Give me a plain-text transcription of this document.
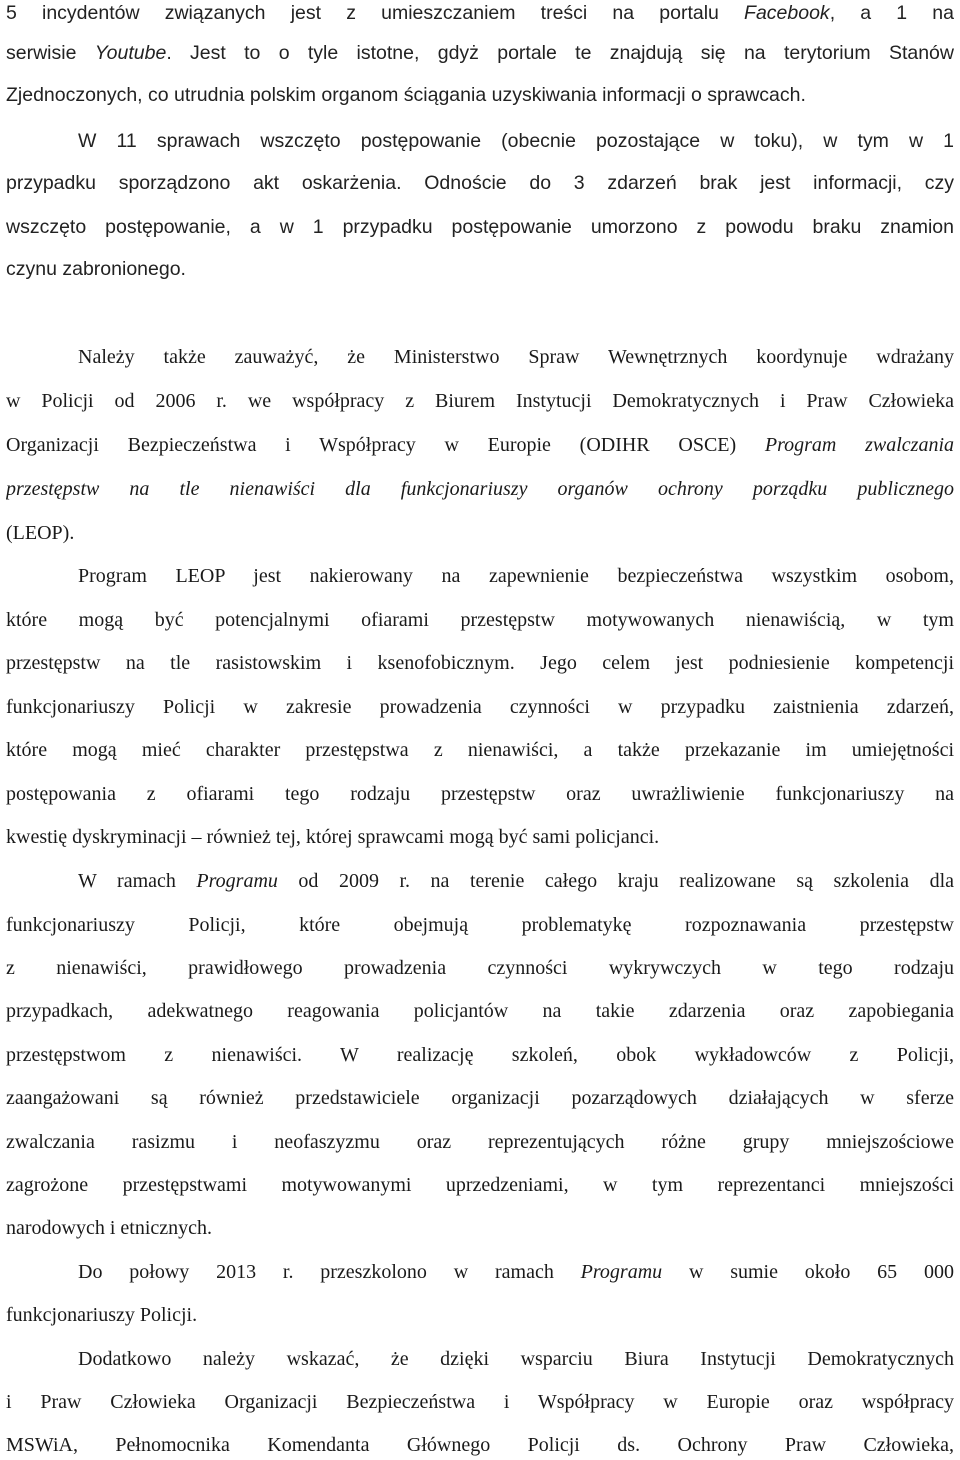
5 incydentów związanych jest z umieszczaniem treści na portalu Facebook, a 1 na
serwisie Youtube. Jest to o tyle istotne, gdyż portale te znajdują się na terytorium Stanów
Zjednoczonych, co utrudnia polskim organom ściągania uzyskiwania informacji o sprawcach.
W 11 sprawach wszczęto postępowanie (obecnie pozostające w toku), w tym w 1
przypadku sporządzono akt oskarżenia. Odnoście do 3 zdarzeń brak jest informacji, czy
wszczęto postępowanie, a w 1 przypadku postępowanie umorzono z powodu braku znamion
czynu zabronionego.
Należy także zauważyć, że Ministerstwo Spraw Wewnętrznych koordynuje wdrażany
w Policji od 2006 r. we współpracy z Biurem Instytucji Demokratycznych i Praw Człowieka
Organizacji Bezpieczeństwa i Współpracy w Europie (ODIHR OSCE) Program zwalczania
przestępstw na tle nienawiści dla funkcjonariuszy organów ochrony porządku publicznego
(LEOP).
Program LEOP jest nakierowany na zapewnienie bezpieczeństwa wszystkim osobom,
które mogą być potencjalnymi ofiarami przestępstw motywowanych nienawiścią, w tym
przestępstw na tle rasistowskim i ksenofobicznym. Jego celem jest podniesienie kompetencji
funkcjonariuszy Policji w zakresie prowadzenia czynności w przypadku zaistnienia zdarzeń,
które mogą mieć charakter przestępstwa z nienawiści, a także przekazanie im umiejętności
postępowania z ofiarami tego rodzaju przestępstw oraz uwrażliwienie funkcjonariuszy na
kwestię dyskryminacji – również tej, której sprawcami mogą być sami policjanci.
W ramach Programu od 2009 r. na terenie całego kraju realizowane są szkolenia dla
funkcjonariuszy Policji, które obejmują problematykę rozpoznawania przestępstw
z nienawiści, prawidłowego prowadzenia czynności wykrywczych w tego rodzaju
przypadkach, adekwatnego reagowania policjantów na takie zdarzenia oraz zapobiegania
przestępstwom z nienawiści. W realizację szkoleń, obok wykładowców z Policji,
zaangażowani są również przedstawiciele organizacji pozarządowych działających w sferze
zwalczania rasizmu i neofaszyzmu oraz reprezentujących różne grupy mniejszościowe
zagrożone przestępstwami motywowanymi uprzedzeniami, w tym reprezentanci mniejszości
narodowych i etnicznych.
Do połowy 2013 r. przeszkolono w ramach Programu w sumie około 65 000
funkcjonariuszy Policji.
Dodatkowo należy wskazać, że dzięki wsparciu Biura Instytucji Demokratycznych
i Praw Człowieka Organizacji Bezpieczeństwa i Współpracy w Europie oraz współpracy
MSWiA, Pełnomocnika Komendanta Głównego Policji ds. Ochrony Praw Człowieka,
